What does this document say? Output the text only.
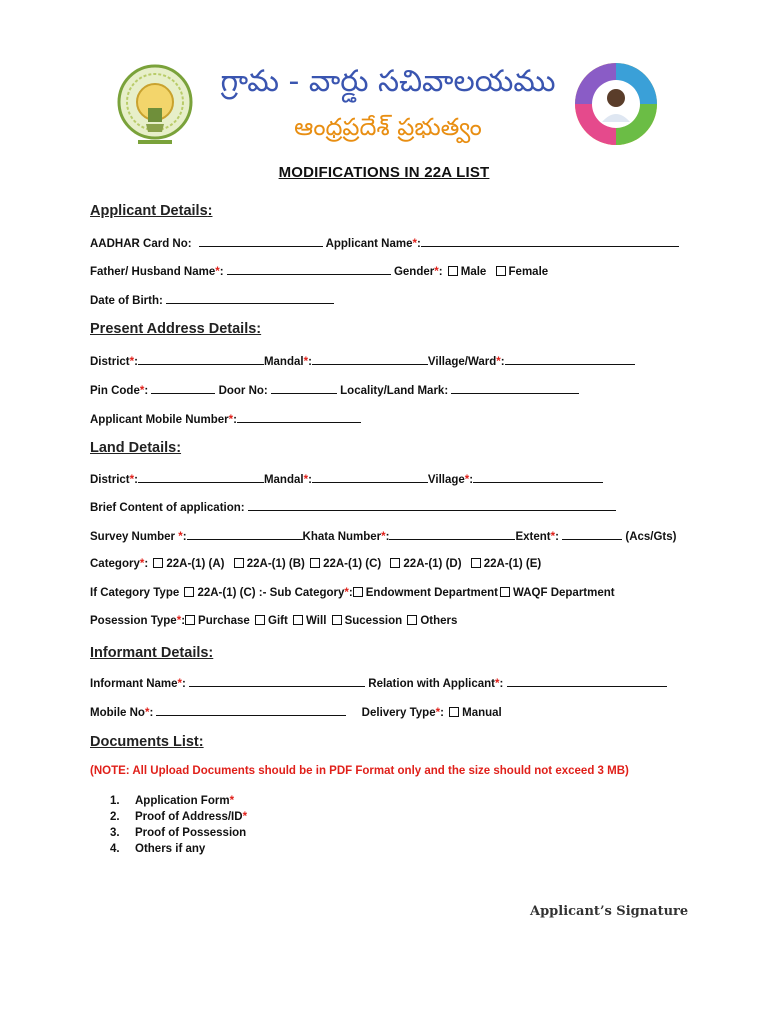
గ్రామ - వార్డు సచివాలయము
ఆంధ్రప్రదేశ్ ప్రభుత్వం
MODIFICATIONS IN 22A LIST
Applicant Details:
AADHAR Card No:	Applicant Name*:
Father/ Husband Name*:	Gender*: Male Female
Date of Birth:
Present Address Details:
District*:	Mandal*:	Village/Ward*:
Pin Code*:	Door No:	Locality/Land Mark:
Applicant Mobile Number*:
Land Details:
District*:	Mandal*:	Village*:
Brief Content of application:
Survey Number *:	Khata Number*:	Extent*:	(Acs/Gts)
Category*: 22A-(1) (A) 22A-(1) (B) 22A-(1) (C) 22A-(1) (D) 22A-(1) (E)
If Category Type 22A-(1) (C) :- Sub Category*: Endowment Department WAQF Department
Posession Type*: Purchase Gift Will Sucession Others
Informant Details:
Informant Name*:	Relation with Applicant*:
Mobile No*:	Delivery Type*: Manual
Documents List:
(NOTE: All Upload Documents should be in PDF Format only and the size should not exceed 3 MB)
1. Application Form*
2. Proof of Address/ID*
3. Proof of Possession
4. Others if any
Applicant’s Signature
